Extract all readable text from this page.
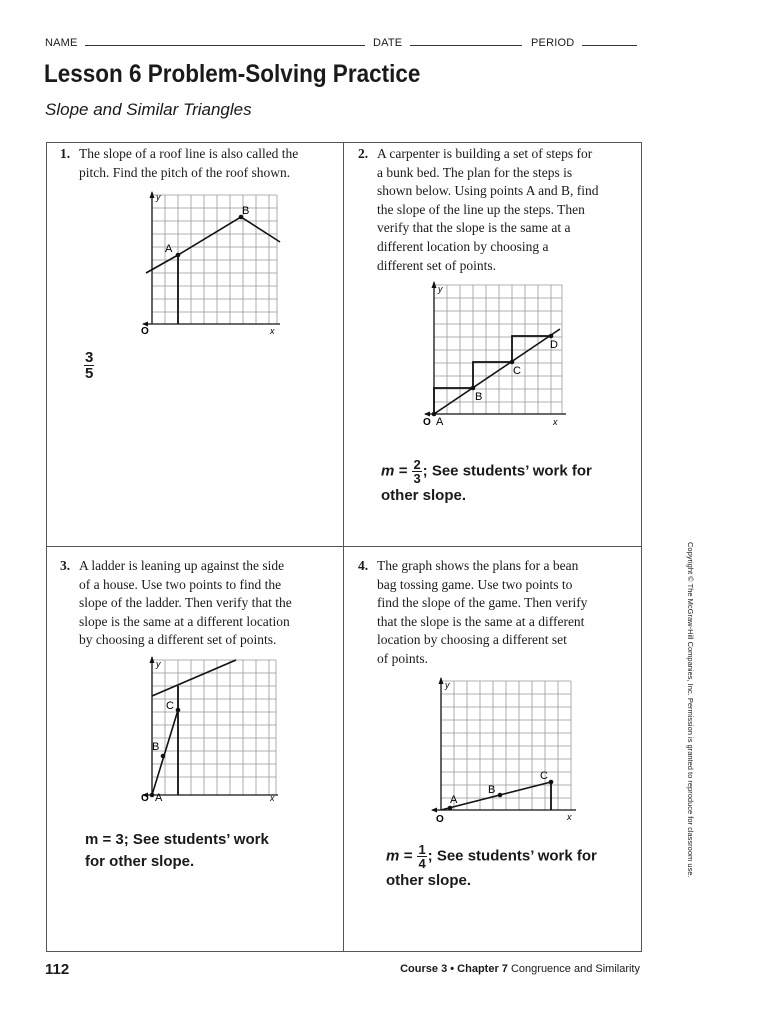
NAME	DATE	PERIOD
Lesson 6 Problem-Solving Practice
Slope and Similar Triangles
1. The slope of a roof line is also called the
pitch. Find the pitch of the roof shown.
y
x
O
A
B
$\frac{3}{5}$
2. A carpenter is building a set of steps for
a bunk bed. The plan for the steps is
shown below. Using points A and B, find
the slope of the line up the steps. Then
verify that the slope is the same at a
different location by choosing a
different set of points.
y
x
O A
B
C
D
$m = \frac{2}{3}$ ; See students’ work for
other slope.
3. A ladder is leaning up against the side
of a house. Use two points to find the
slope of the ladder. Then verify that the
slope is the same at a different location
by choosing a different set of points.
y
x
O A
B
C
m = 3; See students’ work
for other slope.
4. The graph shows the plans for a bean
bag tossing game. Use two points to
find the slope of the game. Then verify
that the slope is the same at a different
location by choosing a different set
of points.
y
x
O
A
B
C
$m = \frac{1}{4}$ ; See students’ work for
other slope.
Copyright © The McGraw-Hill Companies, Inc. Permission is granted to reproduce for classroom use.
112	Course 3 • Chapter 7 Congruence and Similarity
